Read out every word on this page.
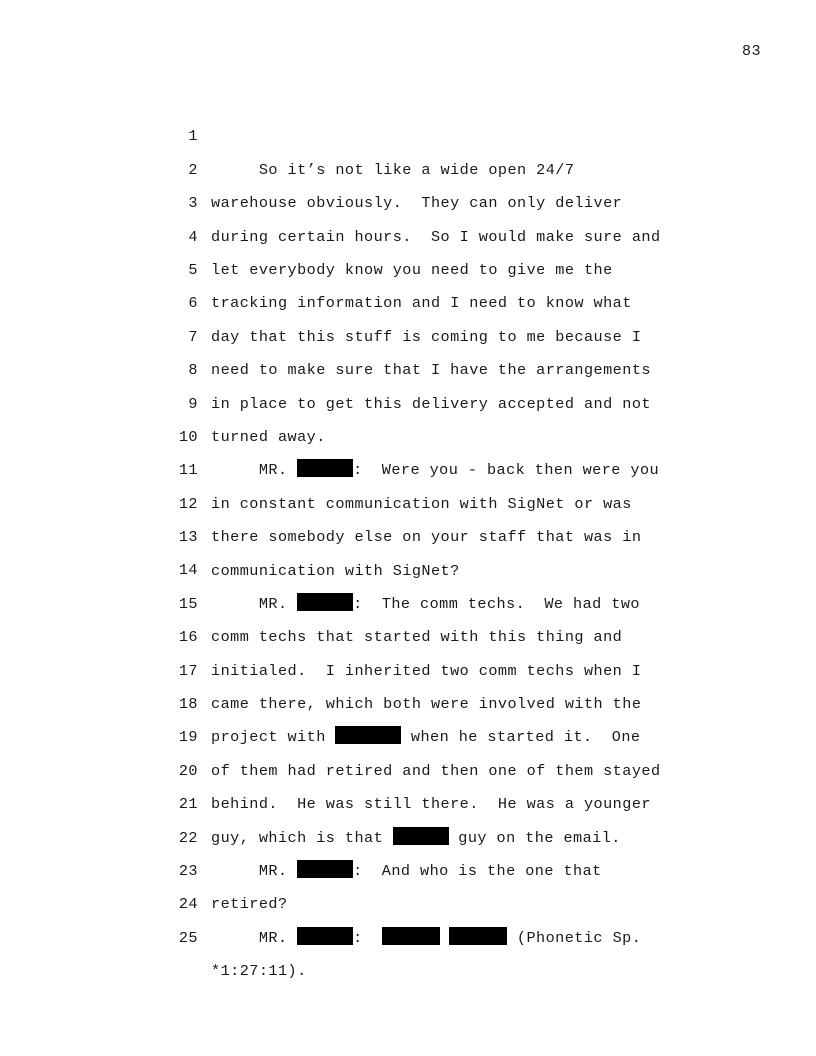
83

1

So it’s not like a wide open 24/7

2

warehouse obviously.  They can only deliver

3

during certain hours.  So I would make sure and

4

let everybody know you need to give me the

5

tracking information and I need to know what

6

day that this stuff is coming to me because I

7

need to make sure that I have the arrangements

8

in place to get this delivery accepted and not

9

turned away.

10

MR.	:  Were you - back then were you

11

in constant communication with SigNet or was

12

there somebody else on your staff that was in

13

communication with SigNet?

14

MR.	:  The comm techs.  We had two

15

comm techs that started with this thing and

16

initialed.  I inherited two comm techs when I

17

came there, which both were involved with the

18

project with	when he started it.  One

19

of them had retired and then one of them stayed

20

behind.  He was still there.  He was a younger

21

guy, which is that	guy on the email.

22

MR.	:  And who is the one that

23

retired?

24

MR.	:	(Phonetic Sp.

25

*1:27:11).
